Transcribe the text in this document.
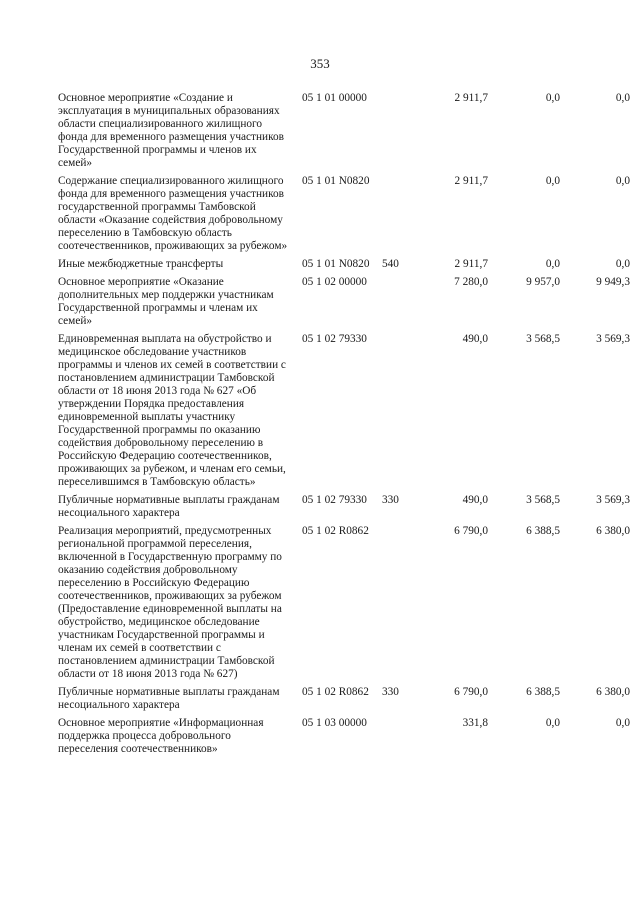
353
Основное мероприятие «Создание и эксплуатация в муниципальных образованиях области специализированного жилищного фонда для временного размещения участников Государственной программы и членов их семей»	05 1 01 00000		2 911,7	0,0	0,0
Содержание специализированного жилищного фонда для временного размещения участников государственной программы Тамбовской области «Оказание содействия добровольному переселению в Тамбовскую область соотечественников, проживающих за рубежом»	05 1 01 N0820		2 911,7	0,0	0,0
Иные межбюджетные трансферты	05 1 01 N0820	540	2 911,7	0,0	0,0
Основное мероприятие «Оказание дополнительных мер поддержки участникам Государственной программы и членам их семей»	05 1 02 00000		7 280,0	9 957,0	9 949,3
Единовременная выплата на обустройство и медицинское обследование участников программы и членов их семей в соответствии с постановлением администрации Тамбовской области от 18 июня 2013 года № 627 «Об утверждении Порядка предоставления единовременной выплаты участнику Государственной программы по оказанию содействия добровольному переселению в Российскую Федерацию соотечественников, проживающих за рубежом, и членам его семьи, переселившимся в Тамбовскую область»	05 1 02 79330		490,0	3 568,5	3 569,3
Публичные нормативные выплаты гражданам несоциального характера	05 1 02 79330	330	490,0	3 568,5	3 569,3
Реализация мероприятий, предусмотренных региональной программой переселения, включенной в Государственную программу по оказанию содействия добровольному переселению в Российскую Федерацию соотечественников, проживающих за рубежом (Предоставление единовременной выплаты на обустройство, медицинское обследование участникам Государственной программы и членам их семей в соответствии с постановлением администрации Тамбовской области от 18 июня 2013 года № 627)	05 1 02 R0862		6 790,0	6 388,5	6 380,0
Публичные нормативные выплаты гражданам несоциального характера	05 1 02 R0862	330	6 790,0	6 388,5	6 380,0
Основное мероприятие «Информационная поддержка процесса добровольного переселения соотечественников»	05 1 03 00000		331,8	0,0	0,0
